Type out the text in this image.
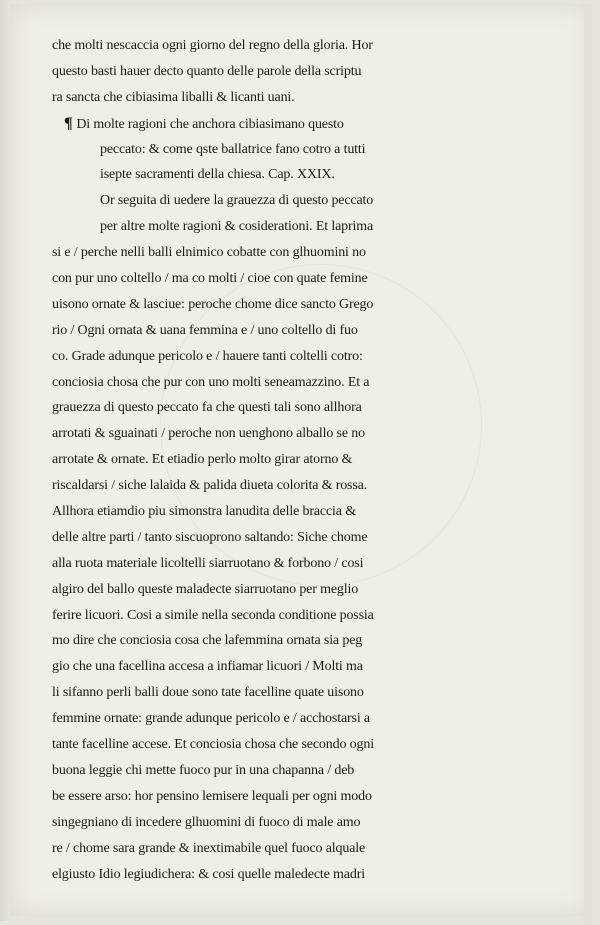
che molti nescaccia ogni giorno del regno della gloria. Hor
questo basti hauer decto quanto delle parole della scriptu
ra sancta che cibiasima liballi & licanti uani.
¶ Di molte ragioni che anchora cibiasimano questo
peccato: & come qste ballatrice fano cotro a tutti
isepte sacramenti della chiesa. Cap. XXIX.
Or seguita di uedere la grauezza di questo peccato
per altre molte ragioni & cosiderationi. Et laprima
si e / perche nelli balli elnimico cobatte con glhuomini no
con pur uno coltello / ma co molti / cioe con quate femine
uisono ornate & lasciue: peroche chome dice sancto Grego
rio / Ogni ornata & uana femmina e / uno coltello di fuo
co. Grade adunque pericolo e / hauere tanti coltelli cotro:
conciosia chosa che pur con uno molti seneamazzino. Et a
grauezza di questo peccato fa che questi tali sono allhora
arrotati & sguainati / peroche non uenghono alballo se no
arrotate & ornate. Et etiadio perlo molto girar atorno &
riscaldarsi / siche lalaida & palida diueta colorita & rossa.
Allhora etiamdio piu simonstra lanudita delle braccia &
delle altre parti / tanto siscuoprono saltando: Siche chome
alla ruota materiale licoltelli siarruotano & forbono / cosi
algiro del ballo queste maladecte siarruotano per meglio
ferire licuori. Cosi a simile nella seconda conditione possia
mo dire che conciosia cosa che lafemmina ornata sia peg
gio che una facellina accesa a infiamar licuori / Molti ma
li sifanno perli balli doue sono tate facelline quate uisono
femmine ornate: grande adunque pericolo e / acchostarsi a
tante facelline accese. Et conciosia chosa che secondo ogni
buona leggie chi mette fuoco pur in una chapanna / deb
be essere arso: hor pensino lemisere lequali per ogni modo
singegniano di incedere glhuomini di fuoco di male amo
re / chome sara grande & inextimabile quel fuoco alquale
elgiusto Idio legiudichera: & cosi quelle maledecte madri
